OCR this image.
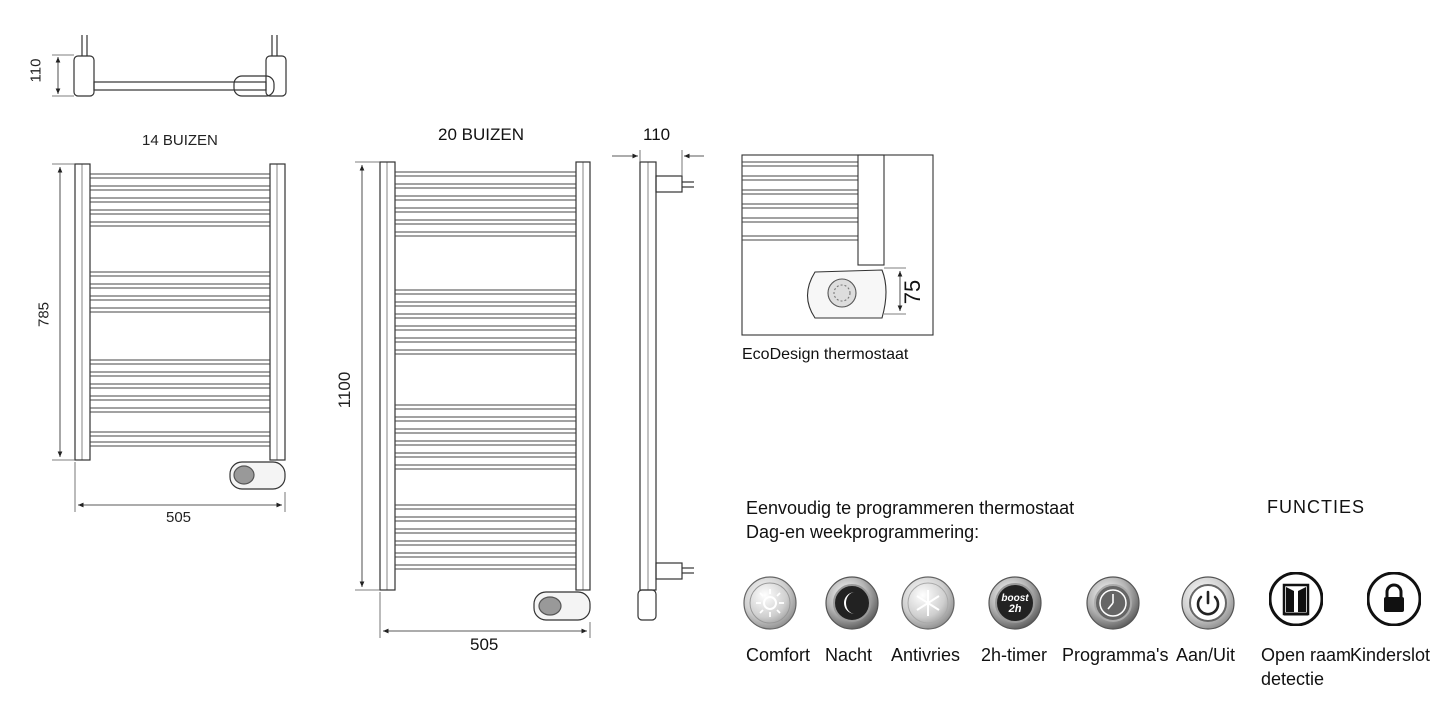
110
14 BUIZEN
785
505
20 BUIZEN
1100
505
110
75
EcoDesign thermostaat
Eenvoudig te programmeren thermostaat
Dag-en weekprogrammering:
FUNCTIES
boost
2h
Comfort Nacht Antivries 2h-timer Programma's Aan/Uit Open raam
detectie
Kinderslot
